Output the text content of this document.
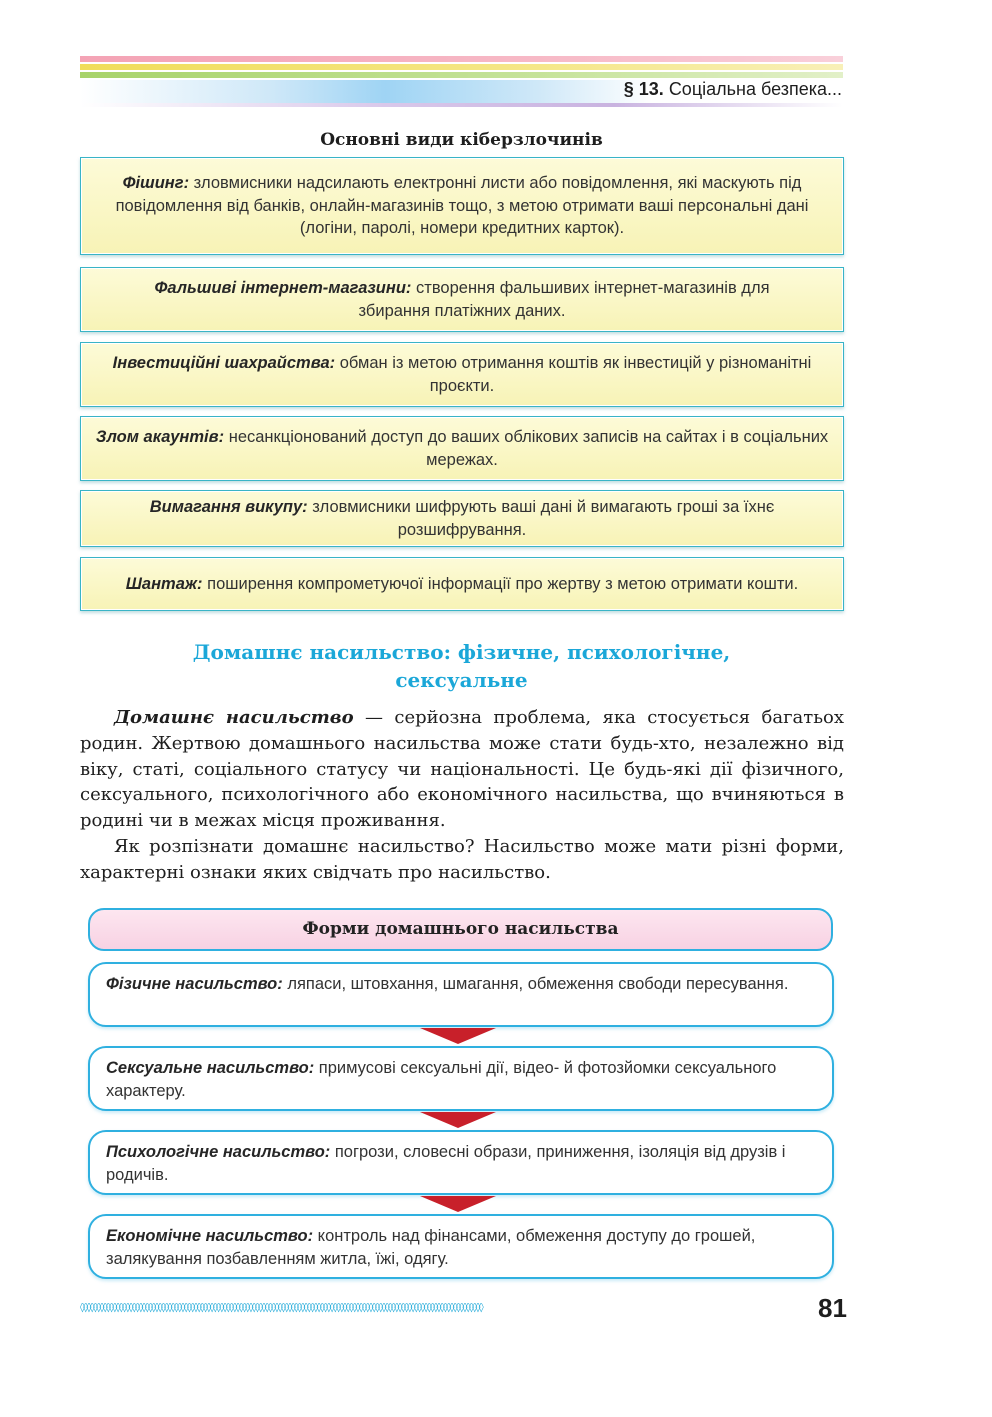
§ 13. Соціальна безпека...
Основні види кіберзлочинів
Фішинг: зловмисники надсилають електронні листи або повідомлення, які маскують під повідомлення від банків, онлайн-магазинів тощо, з метою отримати ваші персональні дані (логіни, паролі, номери кредитних карток).
Фальшиві інтернет-магазини: створення фальшивих інтернет-магазинів для збирання платіжних даних.
Інвестиційні шахрайства: обман із метою отримання коштів як інвестицій у різноманітні проєкти.
Злом акаунтів: несанкціонований доступ до ваших облікових записів на сайтах і в соціальних мережах.
Вимагання викупу: зловмисники шифрують ваші дані й вимагають гроші за їхнє розшифрування.
Шантаж: поширення компрометуючої інформації про жертву з метою отримати кошти.
Домашнє насильство: фізичне, психологічне,
сексуальне

Домашнє насильство — серйозна проблема, яка стосується багатьох родин. Жертвою домашнього насильства може стати будь-хто, незалежно від віку, статі, соціального статусу чи національності. Це будь-які дії фізичного, сексуального, психологічного або економічного насильства, що вчиняються в родині чи в межах місця проживання.

Як розпізнати домашнє насильство? Насильство може мати різні форми, характерні ознаки яких свідчать про насильство.

Форми домашнього насильства
Фізичне насильство: ляпаси, штовхання, шмагання, обмеження свободи пересування.
Сексуальне насильство: примусові сексуальні дії, відео- й фотозйомки сексуального характеру.
Психологічне насильство: погрози, словесні образи, приниження, ізоляція від друзів і родичів.
Економічне насильство: контроль над фінансами, обмеження доступу до грошей, залякування позбавленням житла, їжі, одягу.
◊◊◊◊◊◊◊◊◊◊◊◊◊◊◊◊◊◊◊◊◊◊◊◊◊◊◊◊◊◊◊◊◊◊◊◊◊◊◊◊◊◊◊◊◊◊◊◊◊◊◊◊◊◊◊◊◊◊◊◊◊◊◊◊◊◊◊◊◊◊◊◊◊◊◊◊◊◊◊◊◊◊◊◊◊◊◊◊◊◊◊◊◊◊◊◊◊◊◊◊◊◊◊◊◊◊◊◊◊◊◊◊◊◊◊◊◊◊◊◊◊◊◊◊	81
